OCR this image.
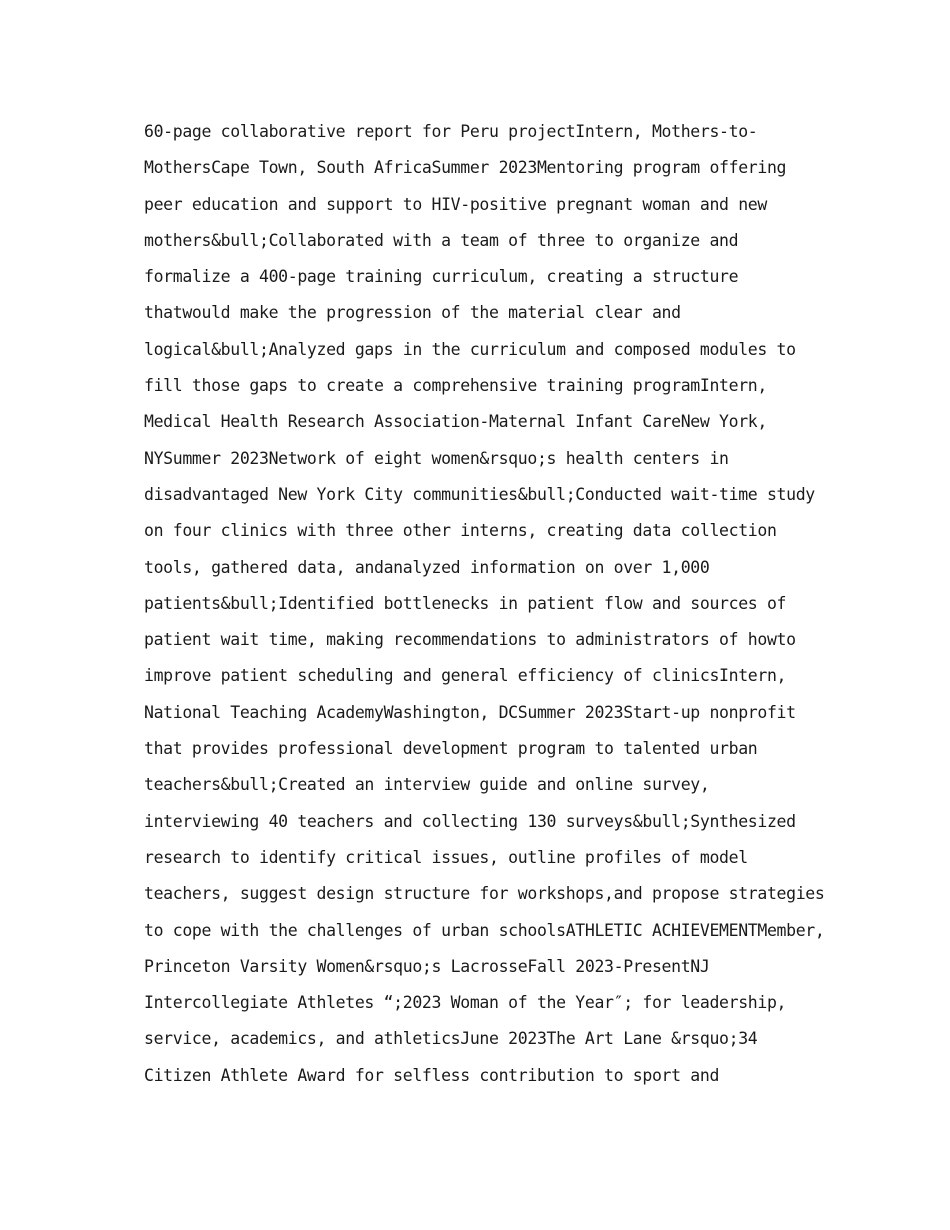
60-page collaborative report for Peru projectIntern, Mothers-to-
MothersCape Town, South AfricaSummer 2023Mentoring program offering
peer education and support to HIV-positive pregnant woman and new
mothers&bull;Collaborated with a team of three to organize and
formalize a 400-page training curriculum, creating a structure
thatwould make the progression of the material clear and
logical&bull;Analyzed gaps in the curriculum and composed modules to
fill those gaps to create a comprehensive training programIntern,
Medical Health Research Association-Maternal Infant CareNew York,
NYSummer 2023Network of eight women&rsquo;s health centers in
disadvantaged New York City communities&bull;Conducted wait-time study
on four clinics with three other interns, creating data collection
tools, gathered data, andanalyzed information on over 1,000
patients&bull;Identified bottlenecks in patient flow and sources of
patient wait time, making recommendations to administrators of howto
improve patient scheduling and general efficiency of clinicsIntern,
National Teaching AcademyWashington, DCSummer 2023Start-up nonprofit
that provides professional development program to talented urban
teachers&bull;Created an interview guide and online survey,
interviewing 40 teachers and collecting 130 surveys&bull;Synthesized
research to identify critical issues, outline profiles of model
teachers, suggest design structure for workshops,and propose strategies
to cope with the challenges of urban schoolsATHLETIC ACHIEVEMENTMember,
Princeton Varsity Women&rsquo;s LacrosseFall 2023-PresentNJ
Intercollegiate Athletes “;2023 Woman of the Year″; for leadership,
service, academics, and athleticsJune 2023The Art Lane &rsquo;34
Citizen Athlete Award for selfless contribution to sport and
